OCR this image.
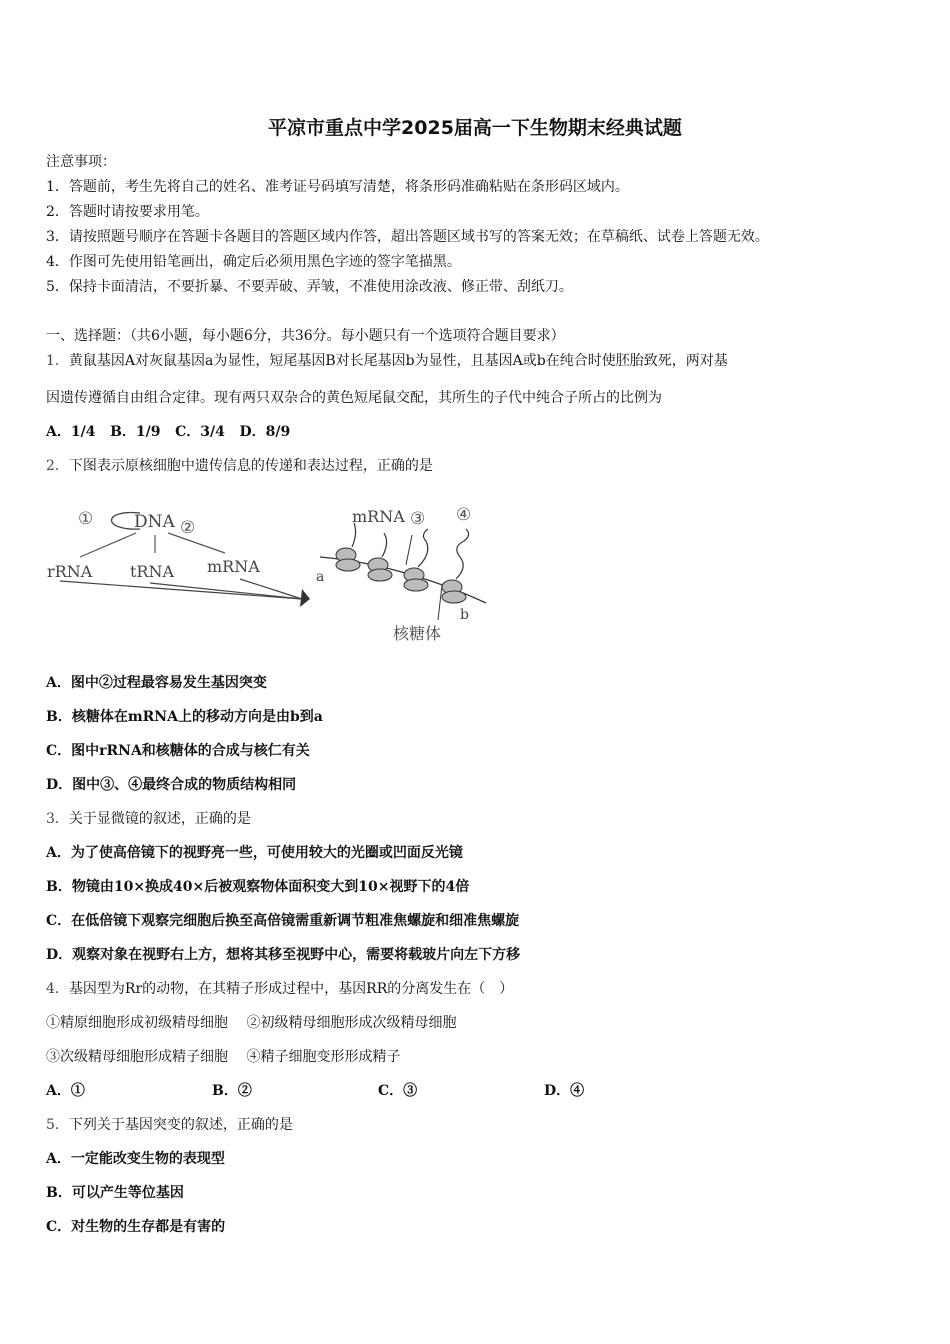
平凉市重点中学2025届高一下生物期末经典试题
注意事项：
1．答题前，考生先将自己的姓名、准考证号码填写清楚，将条形码准确粘贴在条形码区域内。
2．答题时请按要求用笔。
3．请按照题号顺序在答题卡各题目的答题区域内作答，超出答题区域书写的答案无效；在草稿纸、试卷上答题无效。
4．作图可先使用铅笔画出，确定后必须用黑色字迹的签字笔描黑。
5．保持卡面清洁，不要折暴、不要弄破、弄皱，不准使用涂改液、修正带、刮纸刀。
一、选择题：（共6小题，每小题6分，共36分。每小题只有一个选项符合题目要求）
1．黄鼠基因A对灰鼠基因a为显性，短尾基因B对长尾基因b为显性，且基因A或b在纯合时使胚胎致死，两对基
因遗传遵循自由组合定律。现有两只双杂合的黄色短尾鼠交配，其所生的子代中纯合子所占的比例为
A．1/4 B．1/9 C．3/4 D．8/9
2．下图表示原核细胞中遗传信息的传递和表达过程，正确的是
① DNA ②
rRNA tRNA mRNA
mRNA ③ ④
a
b
核糖体
A．图中②过程最容易发生基因突变
B．核糖体在mRNA上的移动方向是由b到a
C．图中rRNA和核糖体的合成与核仁有关
D．图中③、④最终合成的物质结构相同
3．关于显微镜的叙述，正确的是
A．为了使高倍镜下的视野亮一些，可使用较大的光圈或凹面反光镜
B．物镜由10×换成40×后被观察物体面积变大到10×视野下的4倍
C．在低倍镜下观察完细胞后换至高倍镜需重新调节粗准焦螺旋和细准焦螺旋
D．观察对象在视野右上方，想将其移至视野中心，需要将载玻片向左下方移
4．基因型为Rr的动物，在其精子形成过程中，基因RR的分离发生在（　）
①精原细胞形成初级精母细胞　 ②初级精母细胞形成次级精母细胞
③次级精母细胞形成精子细胞　 ④精子细胞变形形成精子
A．①	B．②	C．③	D．④
5．下列关于基因突变的叙述，正确的是
A．一定能改变生物的表现型
B．可以产生等位基因
C．对生物的生存都是有害的
